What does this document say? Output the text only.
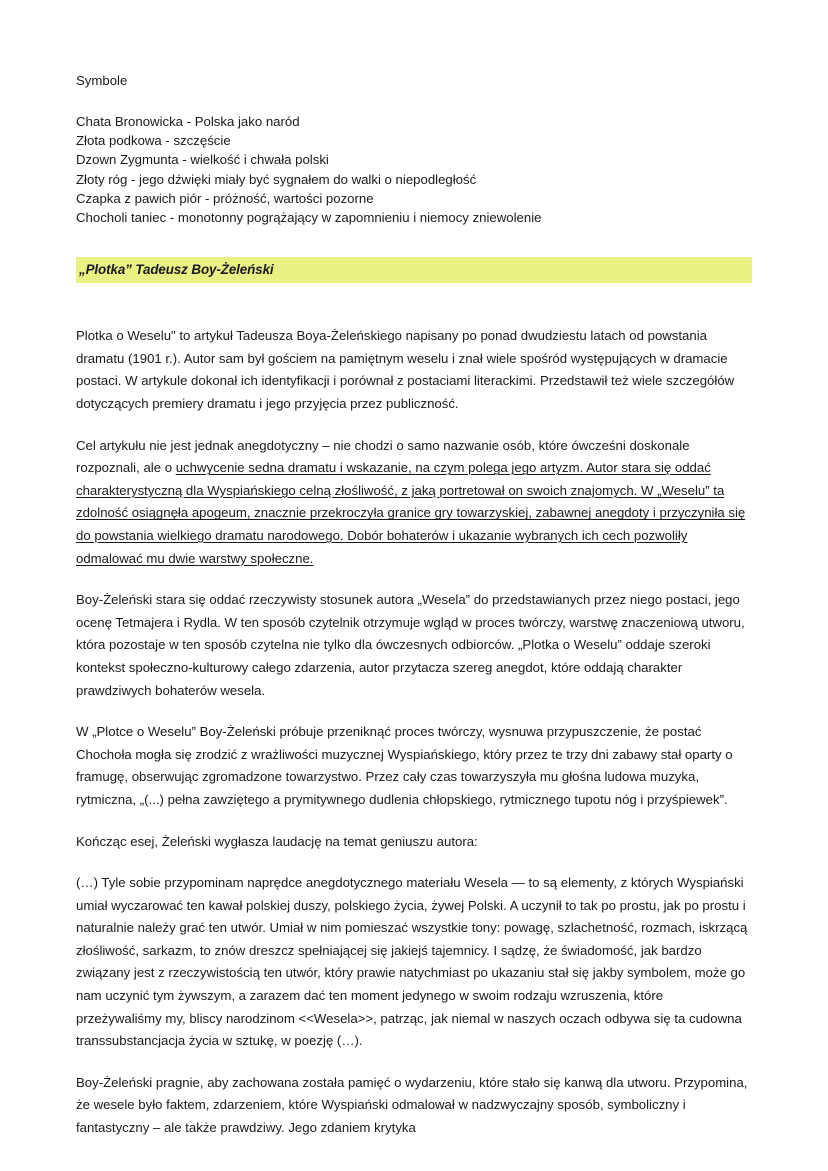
Symbole
Chata Bronowicka - Polska jako naród
Złota podkowa - szczęście
Dzown Zygmunta - wielkość i chwała polski
Złoty róg - jego dźwięki miały być sygnałem do walki o niepodległość
Czapka z pawich piór - próżność, wartości pozorne
Chocholi taniec - monotonny pogrążający w zapomnieniu i niemocy zniewolenie
„Plotka” Tadeusz Boy-Żeleński

Plotka o Weselu" to artykuł Tadeusza Boya-Żeleńskiego napisany po ponad dwudziestu latach od powstania dramatu (1901 r.). Autor sam był gościem na pamiętnym weselu i znał wiele spośród występujących w dramacie postaci. W artykule dokonał ich identyfikacji i porównał z postaciami literackimi. Przedstawił też wiele szczegółów dotyczących premiery dramatu i jego przyjęcia przez publiczność.

Cel artykułu nie jest jednak anegdotyczny – nie chodzi o samo nazwanie osób, które ówcześni doskonale rozpoznali, ale o uchwycenie sedna dramatu i wskazanie, na czym polega jego artyzm. Autor stara się oddać charakterystyczną dla Wyspiańskiego celną złośliwość, z jaką portretował on swoich znajomych. W „Weselu” ta zdolność osiągnęła apogeum, znacznie przekroczyła granice gry towarzyskiej, zabawnej anegdoty i przyczyniła się do powstania wielkiego dramatu narodowego. Dobór bohaterów i ukazanie wybranych ich cech pozwoliły odmalować mu dwie warstwy społeczne.

Boy-Żeleński stara się oddać rzeczywisty stosunek autora „Wesela” do przedstawianych przez niego postaci, jego ocenę Tetmajera i Rydla. W ten sposób czytelnik otrzymuje wgląd w proces twórczy, warstwę znaczeniową utworu, która pozostaje w ten sposób czytelna nie tylko dla ówczesnych odbiorców. „Plotka o Weselu” oddaje szeroki kontekst społeczno-kulturowy całego zdarzenia, autor przytacza szereg anegdot, które oddają charakter prawdziwych bohaterów wesela.

W „Plotce o Weselu” Boy-Żeleński próbuje przeniknąć proces twórczy, wysnuwa przypuszczenie, że postać Chochoła mogła się zrodzić z wrażliwości muzycznej Wyspiańskiego, który przez te trzy dni zabawy stał oparty o framugę, obserwując zgromadzone towarzystwo. Przez cały czas towarzyszyła mu głośna ludowa muzyka, rytmiczna, „(...) pełna zawziętego a prymitywnego dudlenia chłopskiego, rytmicznego tupotu nóg i przyśpiewek”.

Kończąc esej, Żeleński wygłasza laudację na temat geniuszu autora:

(…) Tyle sobie przypominam naprędce anegdotycznego materiału Wesela — to są elementy, z których Wyspiański umiał wyczarować ten kawał polskiej duszy, polskiego życia, żywej Polski. A uczynił to tak po prostu, jak po prostu i naturalnie należy grać ten utwór. Umiał w nim pomieszać wszystkie tony: powagę, szlachetność, rozmach, iskrzącą złośliwość, sarkazm, to znów dreszcz spełniającej się jakiejś tajemnicy. I sądzę, że świadomość, jak bardzo związany jest z rzeczywistością ten utwór, który prawie natychmiast po ukazaniu stał się jakby symbolem, może go nam uczynić tym żywszym, a zarazem dać ten moment jedynego w swoim rodzaju wzruszenia, które przeżywaliśmy my, bliscy narodzinom <<Wesela>>, patrząc, jak niemal w naszych oczach odbywa się ta cudowna transsubstancjacja życia w sztukę, w poezję (…).

Boy-Żeleński pragnie, aby zachowana została pamięć o wydarzeniu, które stało się kanwą dla utworu. Przypomina, że wesele było faktem, zdarzeniem, które Wyspiański odmalował w nadzwyczajny sposób, symboliczny i fantastyczny – ale także prawdziwy. Jego zdaniem krytyka
